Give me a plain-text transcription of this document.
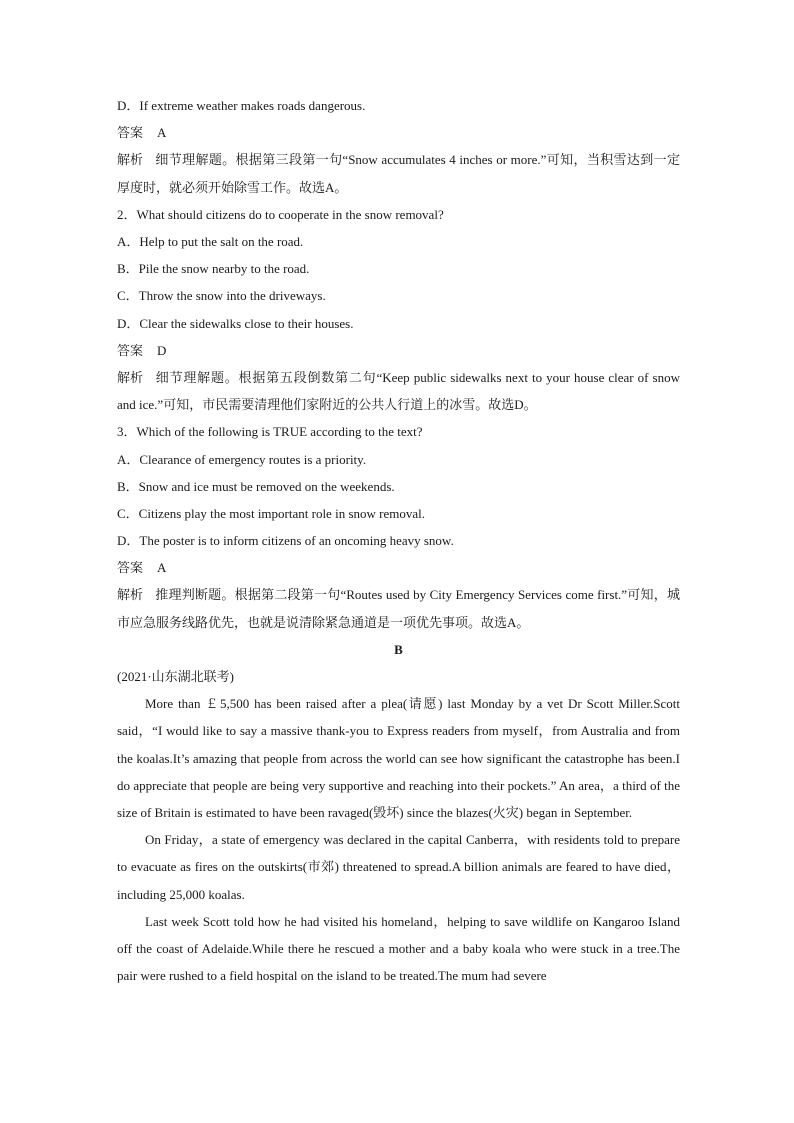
D．If extreme weather makes roads dangerous.
答案 A

解析 细节理解题。根据第三段第一句“Snow accumulates 4 inches or more.”可知，当积雪达到一定厚度时，就必须开始除雪工作。故选A。

2．What should citizens do to cooperate in the snow removal?
A．Help to put the salt on the road.
B．Pile the snow nearby to the road.
C．Throw the snow into the driveways.
D．Clear the sidewalks close to their houses.
答案 D

解析 细节理解题。根据第五段倒数第二句“Keep public sidewalks next to your house clear of snow and ice.”可知，市民需要清理他们家附近的公共人行道上的冰雪。故选D。

3．Which of the following is TRUE according to the text?
A．Clearance of emergency routes is a priority.
B．Snow and ice must be removed on the weekends.
C．Citizens play the most important role in snow removal.
D．The poster is to inform citizens of an oncoming heavy snow.
答案 A

解析 推理判断题。根据第二段第一句“Routes used by City Emergency Services come first.”可知，城市应急服务线路优先，也就是说清除紧急通道是一项优先事项。故选A。

B
(2021·山东湖北联考)

More than ￡5,500 has been raised after a plea(请愿) last Monday by a vet Dr Scott Miller.Scott said，“I would like to say a massive thank-you to Express readers from myself，from Australia and from the koalas.It’s amazing that people from across the world can see how significant the catastrophe has been.I do appreciate that people are being very supportive and reaching into their pockets.” An area，a third of the size of Britain is estimated to have been ravaged(毁坏) since the blazes(火灾) began in September.

On Friday，a state of emergency was declared in the capital Canberra，with residents told to prepare to evacuate as fires on the outskirts(市郊) threatened to spread.A billion animals are feared to have died，including 25,000 koalas.

Last week Scott told how he had visited his homeland，helping to save wildlife on Kangaroo Island off the coast of Adelaide.While there he rescued a mother and a baby koala who were stuck in a tree.The pair were rushed to a field hospital on the island to be treated.The mum had severe
